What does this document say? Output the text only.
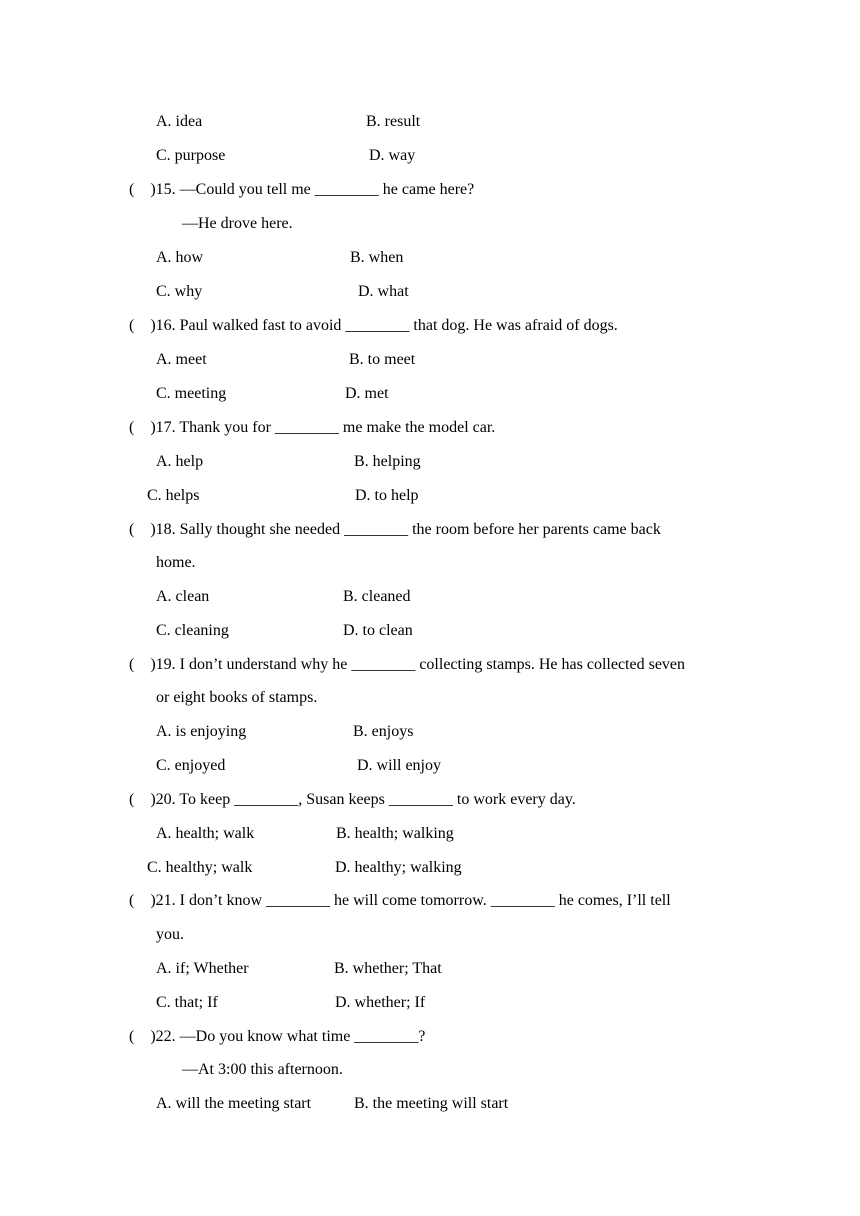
A. idea	B. result
C. purpose	D. way
(    )15. —Could you tell me ________ he came here?
—He drove here.
A. how	B. when
C. why	D. what
(    )16. Paul walked fast to avoid ________ that dog. He was afraid of dogs.
A. meet	B. to meet
C. meeting	D. met
(    )17. Thank you for ________ me make the model car.
A. help	B. helping
C. helps	D. to help
(    )18. Sally thought she needed ________ the room before her parents came back
home.
A. clean	B. cleaned
C. cleaning	D. to clean
(    )19. I don’t understand why he ________ collecting stamps. He has collected seven
or eight books of stamps.
A. is enjoying	B. enjoys
C. enjoyed	D. will enjoy
(    )20. To keep ________, Susan keeps ________ to work every day.
A. health; walk	B. health; walking
C. healthy; walk	D. healthy; walking
(    )21. I don’t know ________ he will come tomorrow. ________ he comes, I’ll tell
you.
A. if; Whether	B. whether; That
C. that; If	D. whether; If
(    )22. —Do you know what time ________?
—At 3:00 this afternoon.
A. will the meeting start	B. the meeting will start
